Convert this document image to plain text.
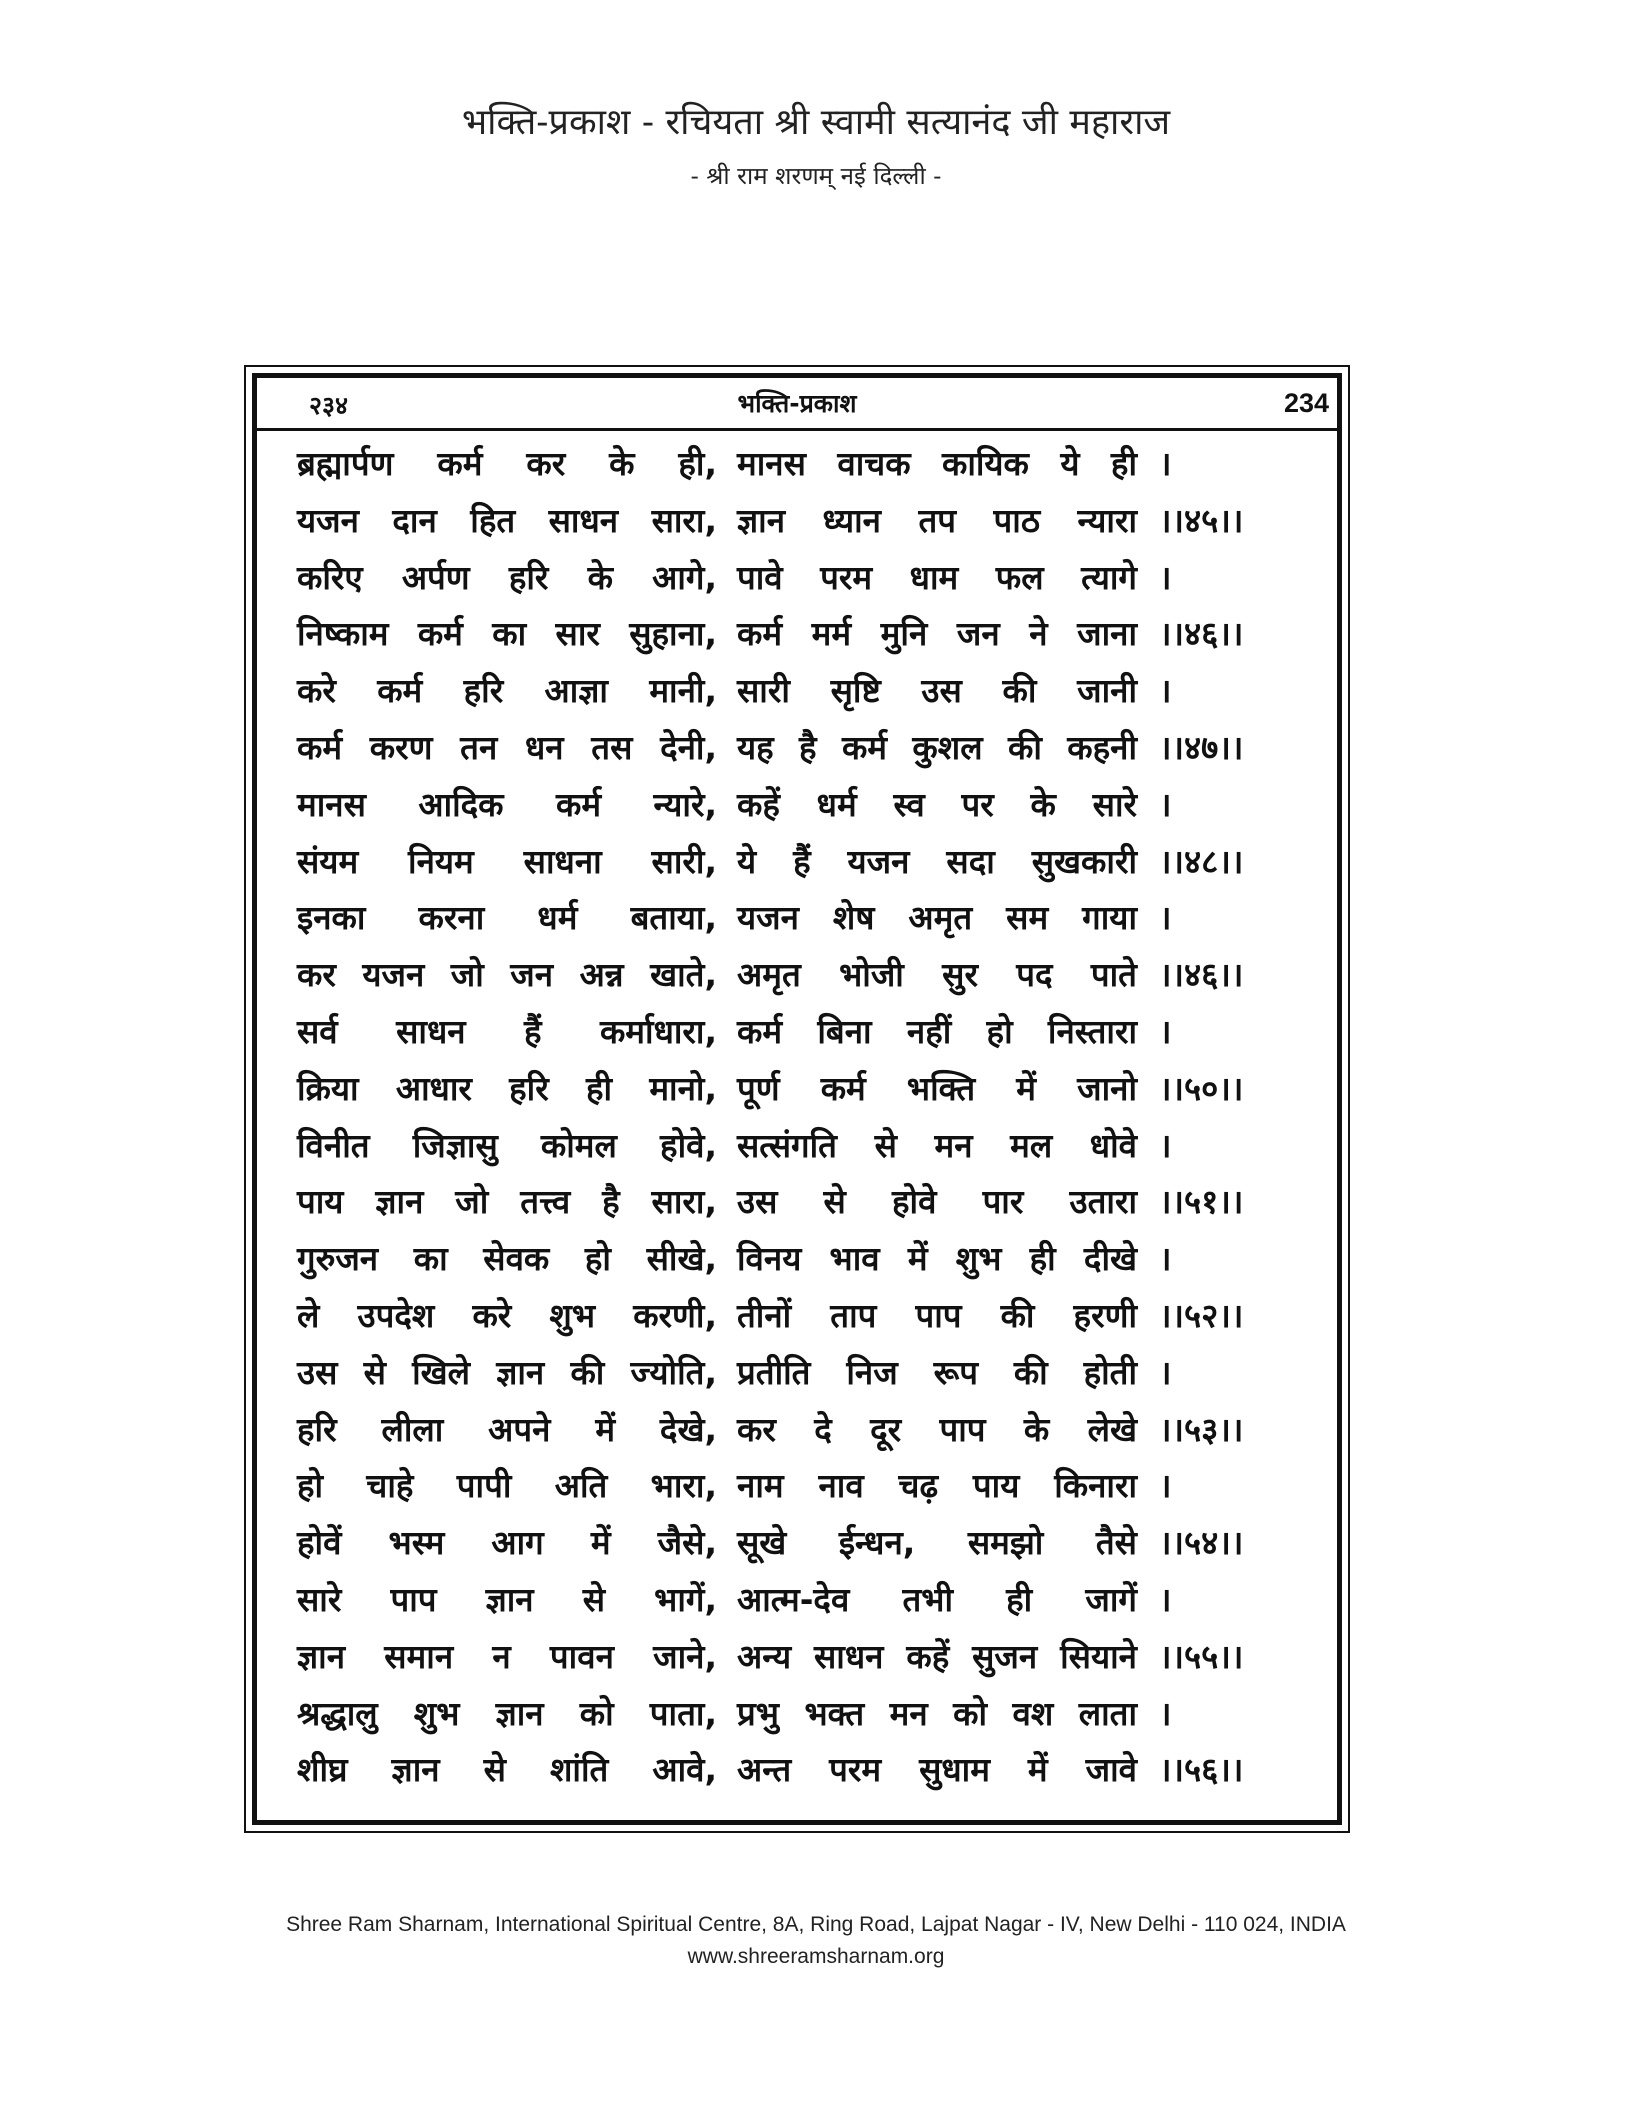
भक्ति-प्रकाश - रचियता श्री स्वामी सत्यानंद जी महाराज
- श्री राम शरणम् नई दिल्ली -
२३४	भक्ति-प्रकाश	234
ब्रह्मार्पण कर्म कर के ही, मानस वाचक कायिक ये ही ।
यजन दान हित साधन सारा, ज्ञान ध्यान तप पाठ न्यारा ।।४५।।
करिए अर्पण हरि के आगे, पावे परम धाम फल त्यागे ।
निष्काम कर्म का सार सुहाना, कर्म मर्म मुनि जन ने जाना ।।४६।।
करे कर्म हरि आज्ञा मानी, सारी सृष्टि उस की जानी ।
कर्म करण तन धन तस देनी, यह है कर्म कुशल की कहनी ।।४७।।
मानस आदिक कर्म न्यारे, कहें धर्म स्व पर के सारे ।
संयम नियम साधना सारी, ये हैं यजन सदा सुखकारी ।।४८।।
इनका करना धर्म बताया, यजन शेष अमृत सम गाया ।
कर यजन जो जन अन्न खाते, अमृत भोजी सुर पद पाते ।।४६।।
सर्व साधन हैं कर्माधारा, कर्म बिना नहीं हो निस्तारा ।
क्रिया आधार हरि ही मानो, पूर्ण कर्म भक्ति में जानो ।।५०।।
विनीत जिज्ञासु कोमल होवे, सत्संगति से मन मल धोवे ।
पाय ज्ञान जो तत्त्व है सारा, उस से होवे पार उतारा ।।५१।।
गुरुजन का सेवक हो सीखे, विनय भाव में शुभ ही दीखे ।
ले उपदेश करे शुभ करणी, तीनों ताप पाप की हरणी ।।५२।।
उस से खिले ज्ञान की ज्योति, प्रतीति निज रूप की होती ।
हरि लीला अपने में देखे, कर दे दूर पाप के लेखे ।।५३।।
हो चाहे पापी अति भारा, नाम नाव चढ़ पाय किनारा ।
होवें भस्म आग में जैसे, सूखे ईन्धन, समझो तैसे ।।५४।।
सारे पाप ज्ञान से भागें, आत्म-देव तभी ही जागें ।
ज्ञान समान न पावन जाने, अन्य साधन कहें सुजन सियाने ।।५५।।
श्रद्धालु शुभ ज्ञान को पाता, प्रभु भक्त मन को वश लाता ।
शीघ्र ज्ञान से शांति आवे, अन्त परम सुधाम में जावे ।।५६।।
Shree Ram Sharnam, International Spiritual Centre, 8A, Ring Road, Lajpat Nagar - IV, New Delhi - 110 024, INDIA
www.shreeramsharnam.org
